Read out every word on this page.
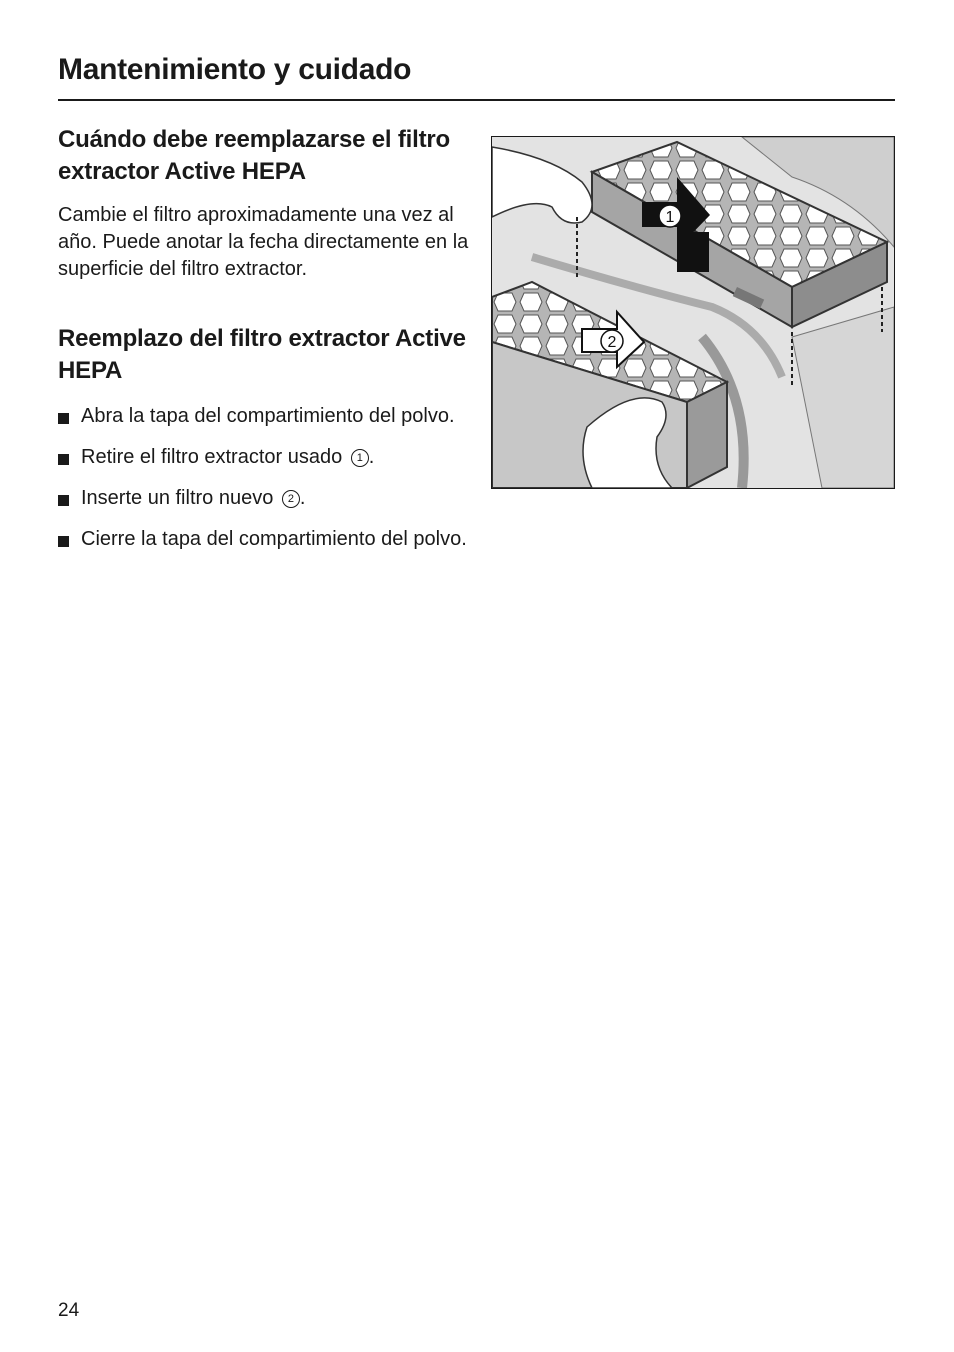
Mantenimiento y cuidado
Cuándo debe reemplazarse el filtro extractor Active HEPA

Cambie el filtro aproximadamente una vez al año. Puede anotar la fecha directamente en la superficie del filtro extractor.

Reemplazo del filtro extractor Active HEPA
Abra la tapa del compartimiento del polvo.
Retire el filtro extractor usado 1 .
Inserte un filtro nuevo 2 .
Cierre la tapa del compartimiento del polvo.
1
2
24
